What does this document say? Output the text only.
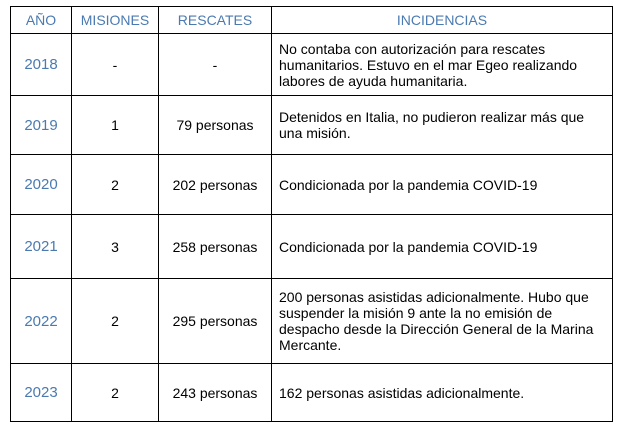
AÑO	MISIONES	RESCATES	INCIDENCIAS
2018	-	-	No contaba con autorización para rescates humanitarios. Estuvo en el mar Egeo realizando labores de ayuda humanitaria.
2019	1	79 personas	Detenidos en Italia, no pudieron realizar más que una misión.
2020	2	202 personas	Condicionada por la pandemia COVID-19
2021	3	258 personas	Condicionada por la pandemia COVID-19
2022	2	295 personas	200 personas asistidas adicionalmente. Hubo que suspender la misión 9 ante la no emisión de despacho desde la Dirección General de la Marina Mercante.
2023	2	243 personas	162 personas asistidas adicionalmente.
